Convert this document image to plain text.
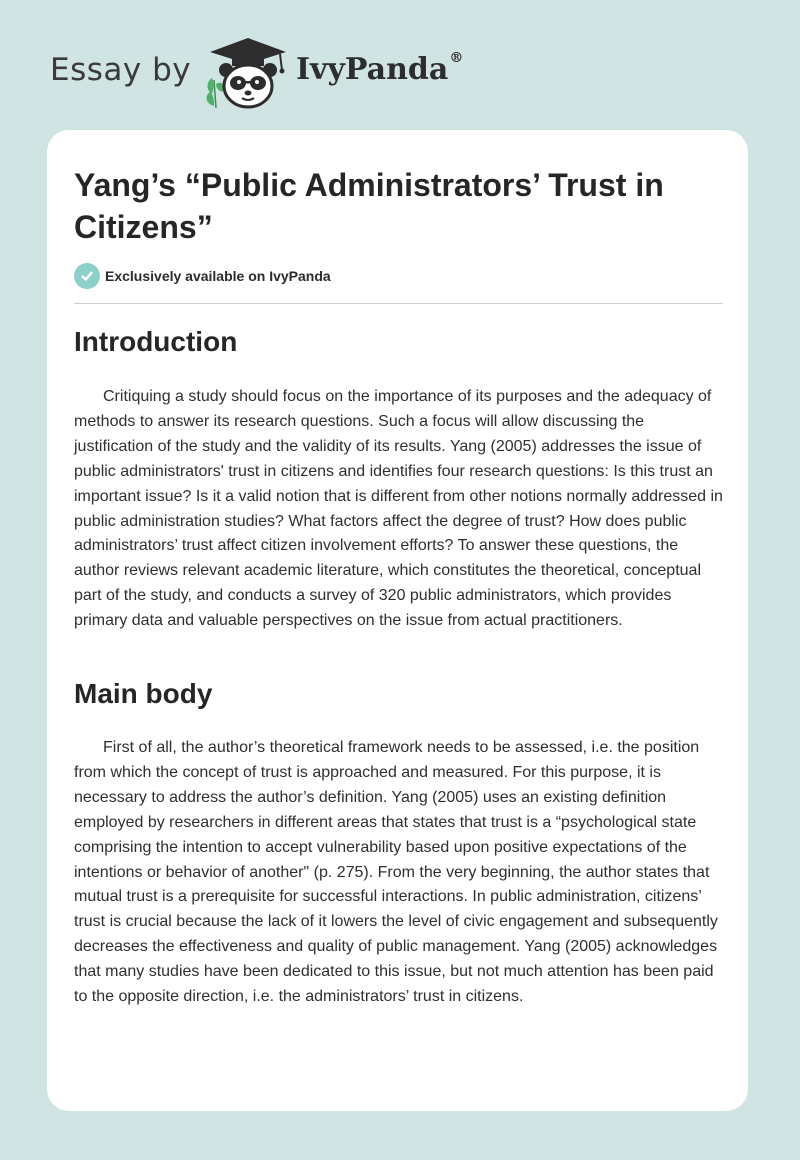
Essay by	IvyPanda®
Yang’s “Public Administrators’ Trust in Citizens”
Exclusively available on IvyPanda
Introduction

Critiquing a study should focus on the importance of its purposes and the adequacy of methods to answer its research questions. Such a focus will allow discussing the justification of the study and the validity of its results. Yang (2005) addresses the issue of public administrators' trust in citizens and identifies four research questions: Is this trust an important issue? Is it a valid notion that is different from other notions normally addressed in public administration studies? What factors affect the degree of trust? How does public administrators’ trust affect citizen involvement efforts? To answer these questions, the author reviews relevant academic literature, which constitutes the theoretical, conceptual part of the study, and conducts a survey of 320 public administrators, which provides primary data and valuable perspectives on the issue from actual practitioners.

Main body

First of all, the author’s theoretical framework needs to be assessed, i.e. the position from which the concept of trust is approached and measured. For this purpose, it is necessary to address the author’s definition. Yang (2005) uses an existing definition employed by researchers in different areas that states that trust is a “psychological state comprising the intention to accept vulnerability based upon positive expectations of the intentions or behavior of another" (p. 275). From the very beginning, the author states that mutual trust is a prerequisite for successful interactions. In public administration, citizens’ trust is crucial because the lack of it lowers the level of civic engagement and subsequently decreases the effectiveness and quality of public management. Yang (2005) acknowledges that many studies have been dedicated to this issue, but not much attention has been paid to the opposite direction, i.e. the administrators’ trust in citizens.
